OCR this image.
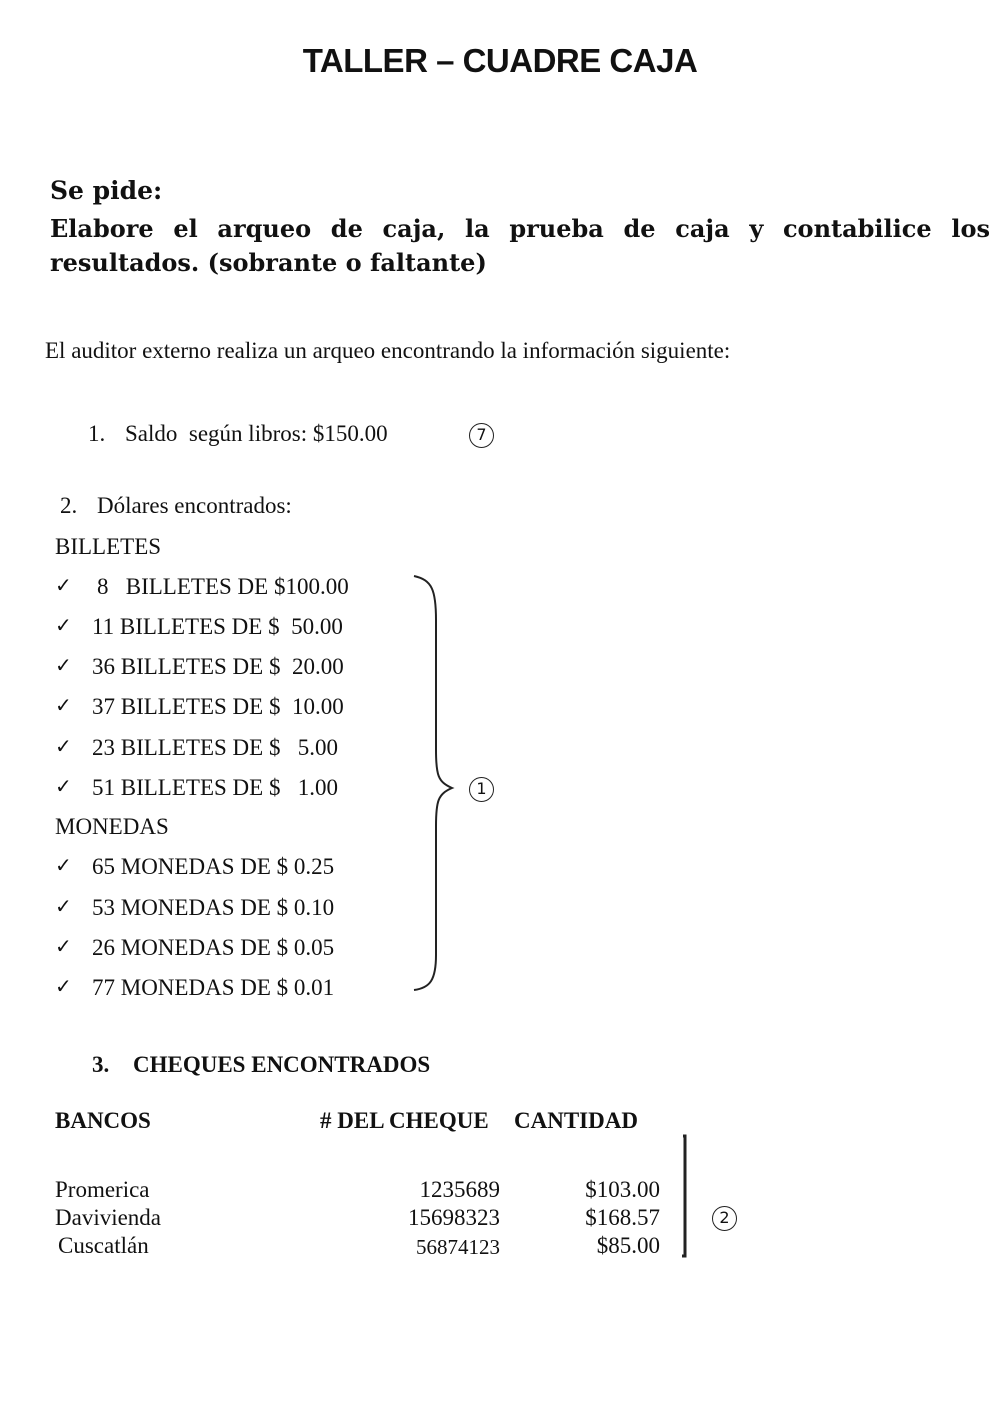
TALLER – CUADRE CAJA
Se pide:
Elabore el arqueo de caja, la prueba de caja y contabilice los resultados. (sobrante o faltante)
El auditor externo realiza un arqueo encontrando la información siguiente:
1. Saldo  según libros: $150.00	7
2. Dólares encontrados:
BILLETES
✓ 8   BILLETES DE $100.00
✓ 11 BILLETES DE $  50.00
✓ 36 BILLETES DE $  20.00
✓ 37 BILLETES DE $  10.00
✓ 23 BILLETES DE $   5.00
✓ 51 BILLETES DE $   1.00
MONEDAS
✓ 65 MONEDAS DE $ 0.25
✓ 53 MONEDAS DE $ 0.10
✓ 26 MONEDAS DE $ 0.05
✓ 77 MONEDAS DE $ 0.01
1
3. CHEQUES ENCONTRADOS
BANCOS	# DEL CHEQUE CANTIDAD
Promerica	1235689	$103.00
Davivienda	15698323	$168.57
Cuscatlán	56874123	$85.00
2
